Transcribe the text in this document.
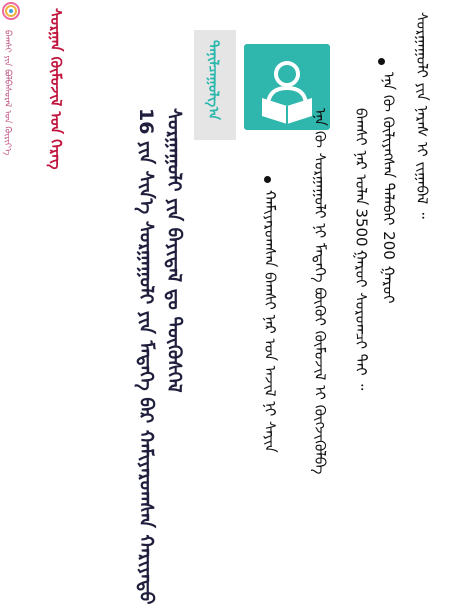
ᠪᠠᠭᠰᠢ ᠶᠢᠨ ᠪᠣᠯᠪᠠᠰᠤᠷᠠᠯ ᠤᠨ ᠬᠦᠷᠢᠶ᠎ᠡ ᠰᠤᠷᠭᠠᠨ ᠬᠦᠮᠦᠵᠢᠯ ᠤᠨ ᠬᠡᠷᠡᠭ
16 ᠶᠢᠨ ᠰᠢᠨ᠎ᠡ ᠰᠤᠷᠭᠠᠭᠤᠯᠢ ᠶᠢᠨ ᠮᠡᠳᠡᠭᠡ ᠪᠡᠷ ᠬᠠᠮᠢᠶᠠᠷᠤᠭᠰᠠᠨ ᠬᠠᠷᠢᠶᠠᠳᠤ ᠰᠤᠷᠭᠠᠭᠤᠯᠢ ᠶᠢᠨ ᠪᠠᠶᠢᠳᠠᠯ ᠳᠤ ᠳᠦᠭᠦᠰᠬᠡᠯ
ᠲᠠᠨᠢᠯᠴᠠᠭᠤᠯᠭ᠎ᠠ	ᠰᠤᠷᠭᠠᠭᠤᠯᠢ ᠶᠢᠨ ᠨᠡᠷᠡᠰ ᠢ ᠵᠢᠭᠠᠪᠠᠯ ᠃
ᠡᠨᠡ ᠬᠦ ᠬᠦᠯᠢᠶᠡᠭᠰᠡᠨ ᠲᠠᠯᠠᠪᠠᠢ 200 ᠭᠠᠷᠤᠢ
ᠪᠠᠭᠰᠢ ᠨᠠᠷ ᠣᠯᠠᠨ 3500 ᠭᠠᠷᠤᠢ ᠰᠤᠷᠤᠭᠴᠢ ᠲᠠᠢ ᠃
ᠡᠨᠡ ᠬᠦ ᠰᠤᠷᠭᠠᠭᠤᠯᠢ ᠨᠢ ᠮᠡᠳᠡᠭᠡ ᠪᠦᠬᠦᠢ ᠬᠦᠮᠦᠵᠢᠯ ᠢ ᠬᠥᠭᠵᠢᠭᠦᠯᠪᠡ
ᠬᠠᠮᠢᠶᠠᠷᠤᠭᠰᠠᠨ ᠪᠠᠭᠰᠢ ᠨᠠᠷ ᠤᠨ ᠠᠵᠢᠯ ᠨᠢ ᠰᠠᠶᠢᠨ
